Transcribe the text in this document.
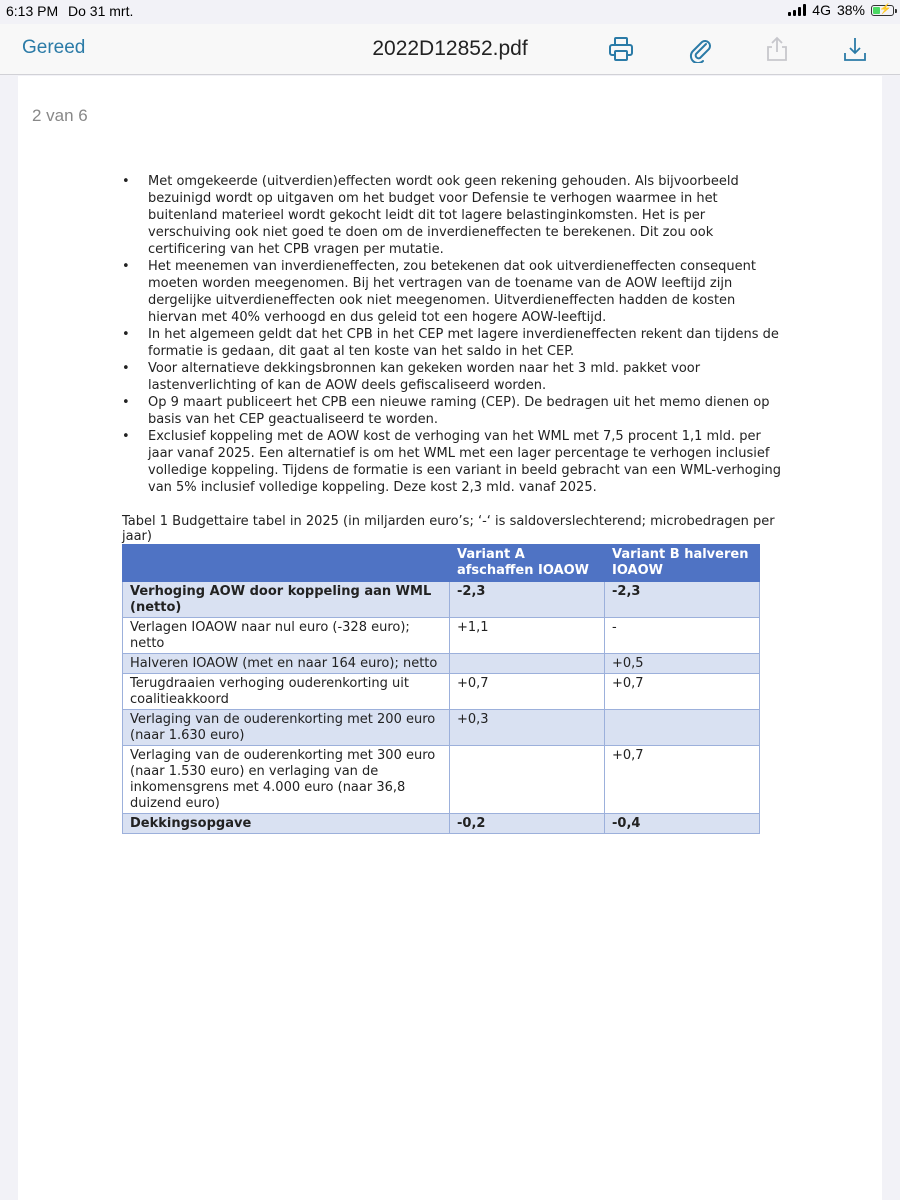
6:13 PM Do 31 mrt.	4G 38% ⚡
Gereed	2022D12852.pdf
2 van 6
• Met omgekeerde (uitverdien)effecten wordt ook geen rekening gehouden. Als bijvoorbeeld bezuinigd wordt op uitgaven om het budget voor Defensie te verhogen waarmee in het buitenland materieel wordt gekocht leidt dit tot lagere belastinginkomsten. Het is per verschuiving ook niet goed te doen om de inverdieneffecten te berekenen. Dit zou ook certificering van het CPB vragen per mutatie.
• Het meenemen van inverdieneffecten, zou betekenen dat ook uitverdieneffecten consequent moeten worden meegenomen. Bij het vertragen van de toename van de AOW leeftijd zijn dergelijke uitverdieneffecten ook niet meegenomen. Uitverdieneffecten hadden de kosten hiervan met 40% verhoogd en dus geleid tot een hogere AOW-leeftijd.
• In het algemeen geldt dat het CPB in het CEP met lagere inverdieneffecten rekent dan tijdens de formatie is gedaan, dit gaat al ten koste van het saldo in het CEP.
• Voor alternatieve dekkingsbronnen kan gekeken worden naar het 3 mld. pakket voor lastenverlichting of kan de AOW deels gefiscaliseerd worden.
• Op 9 maart publiceert het CPB een nieuwe raming (CEP). De bedragen uit het memo dienen op basis van het CEP geactualiseerd te worden.
• Exclusief koppeling met de AOW kost de verhoging van het WML met 7,5 procent 1,1 mld. per jaar vanaf 2025. Een alternatief is om het WML met een lager percentage te verhogen inclusief volledige koppeling. Tijdens de formatie is een variant in beeld gebracht van een WML-verhoging van 5% inclusief volledige koppeling. Deze kost 2,3 mld. vanaf 2025.
Tabel 1 Budgettaire tabel in 2025 (in miljarden euro’s; ‘-‘ is saldoverslechterend; microbedragen per jaar)
	Variant A afschaffen IOAOW	Variant B halveren IOAOW
Verhoging AOW door koppeling aan WML (netto)	-2,3	-2,3
Verlagen IOAOW naar nul euro (-328 euro); netto	+1,1	-
Halveren IOAOW (met en naar 164 euro); netto		+0,5
Terugdraaien verhoging ouderenkorting uit coalitieakkoord	+0,7	+0,7
Verlaging van de ouderenkorting met 200 euro (naar 1.630 euro)	+0,3	
Verlaging van de ouderenkorting met 300 euro (naar 1.530 euro) en verlaging van de inkomensgrens met 4.000 euro (naar 36,8 duizend euro)		+0,7
Dekkingsopgave	-0,2	-0,4
